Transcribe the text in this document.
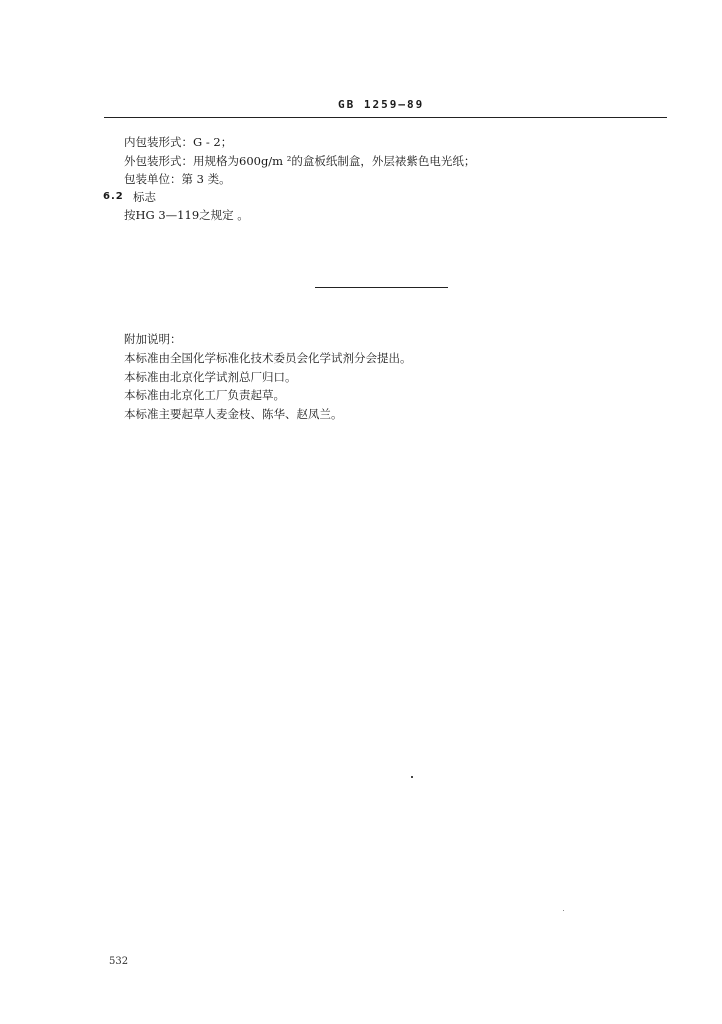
GB 1259—89
内包装形式：G - 2；
外包装形式：用规格为600g/m ²的盒板纸制盒，外层裱紫色电光纸；
包装单位：第 3 类。
6.2 标志
按HG 3—119之规定 。
附加说明：
本标准由全国化学标准化技术委员会化学试剂分会提出。
本标准由北京化学试剂总厂归口。
本标准由北京化工厂负责起草。
本标准主要起草人麦金枝、陈华、赵凤兰。
532
